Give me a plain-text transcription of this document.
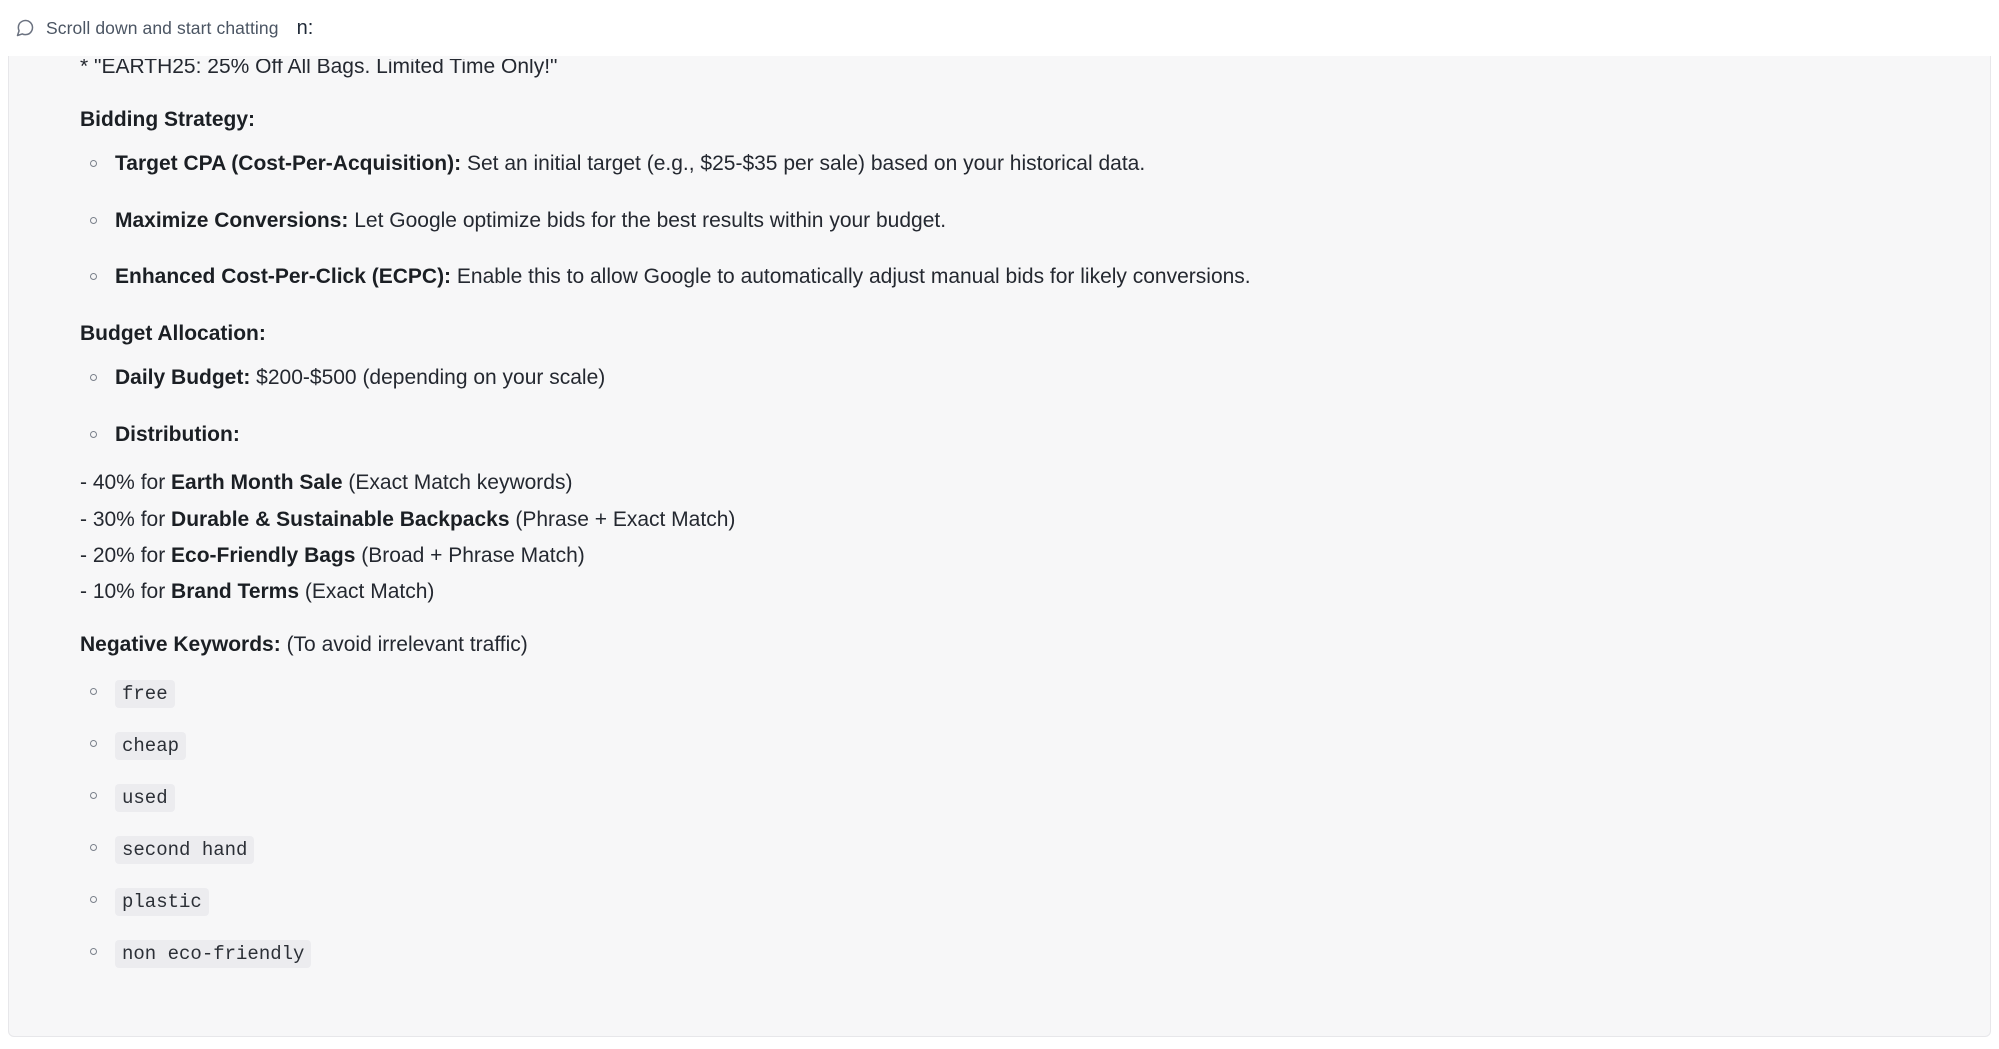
* "EARTH25: 25% Off All Bags. Limited Time Only!"
Bidding Strategy:
Target CPA (Cost-Per-Acquisition): Set an initial target (e.g., $25-$35 per sale) based on your historical data.
Maximize Conversions: Let Google optimize bids for the best results within your budget.
Enhanced Cost-Per-Click (ECPC): Enable this to allow Google to automatically adjust manual bids for likely conversions.
Budget Allocation:
Daily Budget: $200-$500 (depending on your scale)
Distribution:
- 40% for Earth Month Sale (Exact Match keywords)
- 30% for Durable & Sustainable Backpacks (Phrase + Exact Match)
- 20% for Eco-Friendly Bags (Broad + Phrase Match)
- 10% for Brand Terms (Exact Match)
Negative Keywords: (To avoid irrelevant traffic)
free
cheap
used
second hand
plastic
non eco-friendly
Scroll down and start chatting n:
